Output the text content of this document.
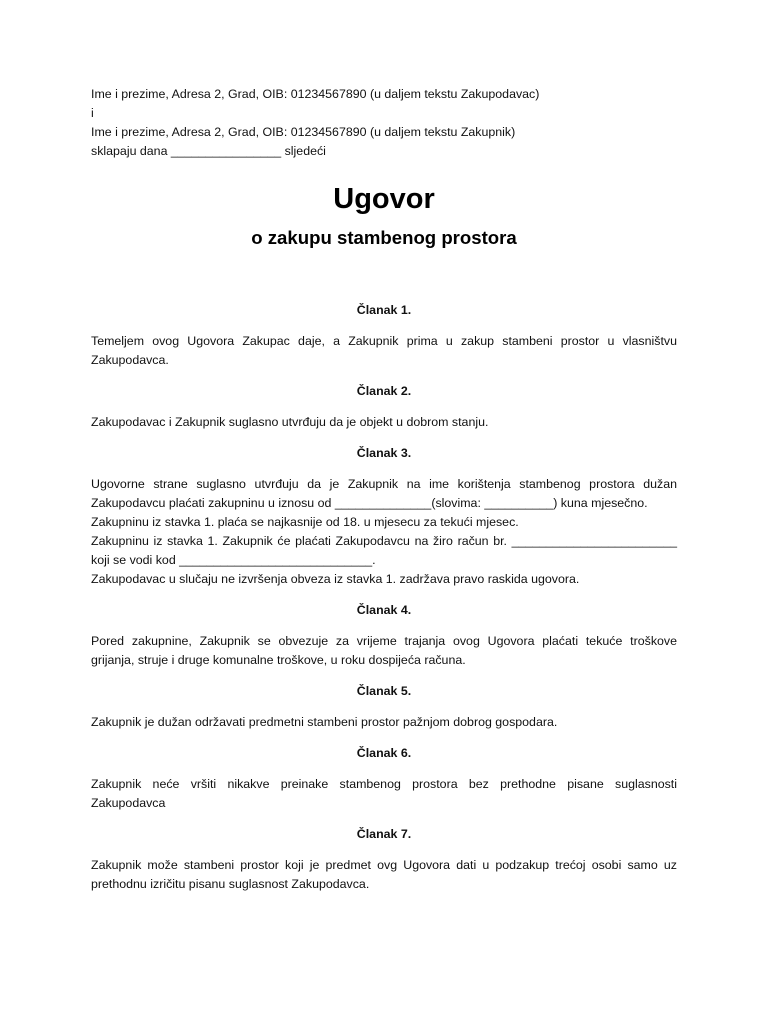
Ime i prezime, Adresa 2, Grad, OIB: 01234567890 (u daljem tekstu Zakupodavac)
i
Ime i prezime, Adresa 2, Grad, OIB: 01234567890 (u daljem tekstu Zakupnik)
sklapaju dana ________________ sljedeći
Ugovor
o zakupu stambenog prostora
Članak 1.
Temeljem ovog Ugovora Zakupac daje, a Zakupnik prima u zakup stambeni prostor u vlasništvu
Zakupodavca.
Članak 2.
Zakupodavac i Zakupnik suglasno utvrđuju da je objekt u dobrom stanju.
Članak 3.
Ugovorne strane suglasno utvrđuju da je Zakupnik na ime korištenja stambenog prostora dužan
Zakupodavcu plaćati zakupninu u iznosu od ______________(slovima: __________) kuna mjesečno.
Zakupninu iz stavka 1. plaća se najkasnije od 18. u mjesecu za tekući mjesec.
Zakupninu iz stavka 1. Zakupnik će plaćati Zakupodavcu na žiro račun br. ________________________
koji se vodi kod ____________________________.
Zakupodavac u slučaju ne izvršenja obveza iz stavka 1. zadržava pravo raskida ugovora.
Članak 4.
Pored zakupnine, Zakupnik se obvezuje za vrijeme trajanja ovog Ugovora plaćati tekuće troškove
grijanja, struje i druge komunalne troškove, u roku dospijeća računa.
Članak 5.
Zakupnik je dužan održavati predmetni stambeni prostor pažnjom dobrog gospodara.
Članak 6.
Zakupnik neće vršiti nikakve preinake stambenog prostora bez prethodne pisane suglasnosti
Zakupodavca
Članak 7.
Zakupnik može stambeni prostor koji je predmet ovg Ugovora dati u podzakup trećoj osobi samo uz
prethodnu izričitu pisanu suglasnost Zakupodavca.
